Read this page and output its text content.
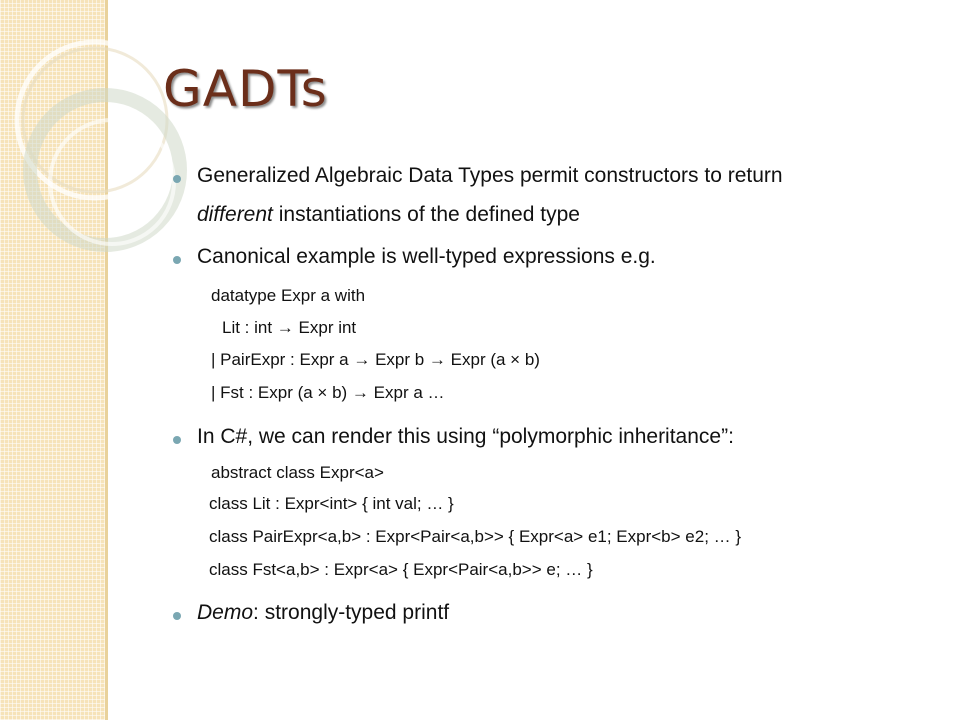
GADTs
Generalized Algebraic Data Types permit constructors to return
different instantiations of the defined type
Canonical example is well-typed expressions e.g.
datatype Expr a with
Lit : int → Expr int
| PairExpr : Expr a → Expr b → Expr (a × b)
| Fst : Expr (a × b) → Expr a …
In C#, we can render this using “polymorphic inheritance”:
abstract class Expr<a>
class Lit : Expr<int> { int val; … }
class PairExpr<a,b> : Expr<Pair<a,b>> { Expr<a> e1; Expr<b> e2; … }
class Fst<a,b> : Expr<a> { Expr<Pair<a,b>> e; … }
Demo: strongly-typed printf
